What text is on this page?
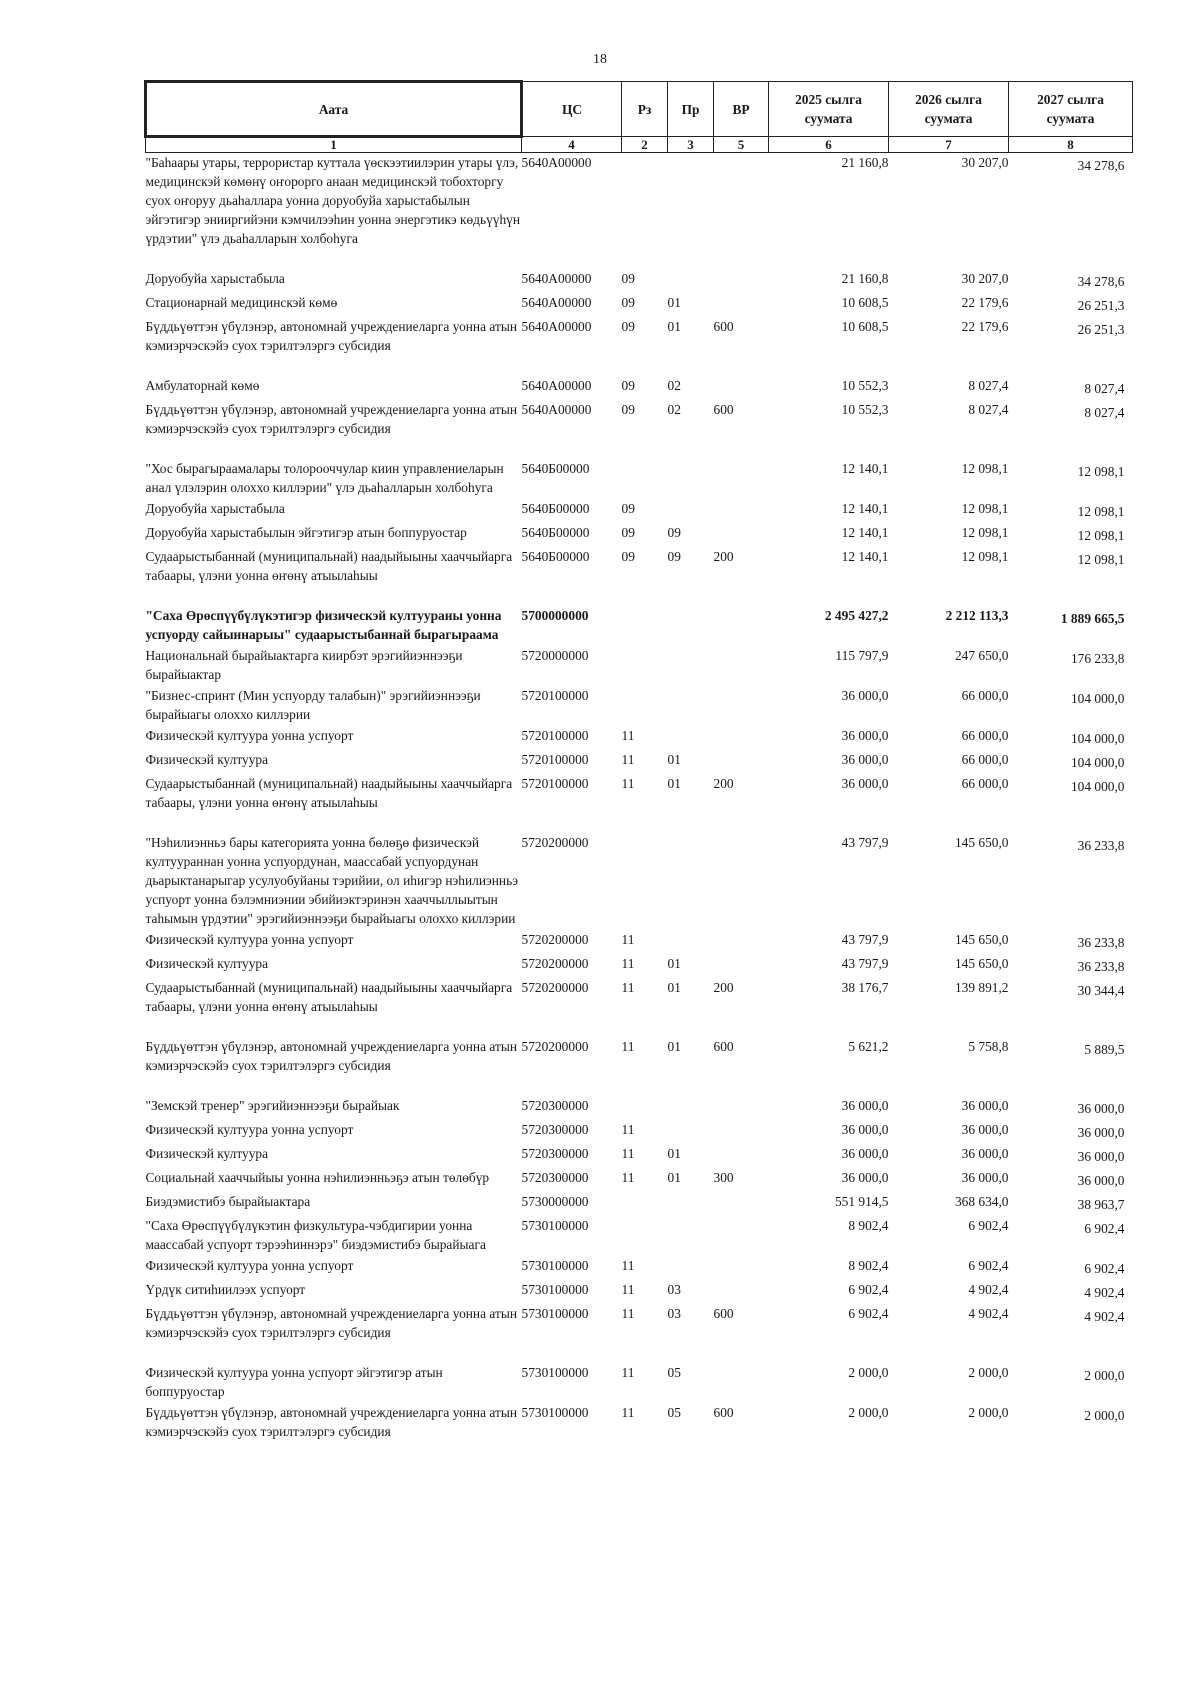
18
Аата	ЦС	Рз	Пр	ВР	2025 сылга суумата	2026 сылга суумата	2027 сылга суумата
1	4	2	3	5	6	7	8
"Баһаары утары, террористар куттала үөскээтиилэрин утары үлэ, медицинскэй көмөнү оҥорорго анаан медицинскэй тобохторгу суох оҥоруу дьаһаллара уонна доруобуйа харыстабылын эйгэтигэр энииргийэни кэмчилээһин уонна энергэтикэ көдьүүһүн үрдэтии" үлэ дьаһалларын холбоһуга	5640А00000				21 160,8	30 207,0	34 278,6
Доруобуйа харыстабыла	5640А00000	09			21 160,8	30 207,0	34 278,6
Стационарнай медицинскэй көмө	5640А00000	09	01		10 608,5	22 179,6	26 251,3
Бүддьүөттэн үбүлэнэр, автономнай учреждениеларга уонна атын кэмиэрчэскэйэ суох тэрилтэлэргэ субсидия	5640А00000	09	01	600	10 608,5	22 179,6	26 251,3
Амбулаторнай көмө	5640А00000	09	02		10 552,3	8 027,4	8 027,4
Бүддьүөттэн үбүлэнэр, автономнай учреждениеларга уонна атын кэмиэрчэскэйэ суох тэрилтэлэргэ субсидия	5640А00000	09	02	600	10 552,3	8 027,4	8 027,4
"Хос бырагыраамалары толорооччулар киин управлениеларын анал үлэлэрин олоххо киллэрии" үлэ дьаһалларын холбоһуга	5640Б00000				12 140,1	12 098,1	12 098,1
Доруобуйа харыстабыла	5640Б00000	09			12 140,1	12 098,1	12 098,1
Доруобуйа харыстабылын эйгэтигэр атын боппуруостар	5640Б00000	09	09		12 140,1	12 098,1	12 098,1
Судаарыстыбаннай (муниципальнай) наадыйыыны хааччыйарга табаары, үлэни уонна өҥөнү атыылаһыы	5640Б00000	09	09	200	12 140,1	12 098,1	12 098,1
"Саха Өрөспүүбүлүкэтигэр физическэй култуураны уонна успуорду сайыннарыы" судаарыстыбаннай бырагыраама	5700000000				2 495 427,2	2 212 113,3	1 889 665,5
Национальнай бырайыактарга киирбэт эрэгийиэннээҕи бырайыактар	5720000000				115 797,9	247 650,0	176 233,8
"Бизнес-спринт (Мин успуорду талабын)" эрэгийиэннээҕи бырайыагы олоххо киллэрии	5720100000				36 000,0	66 000,0	104 000,0
Физическэй култуура уонна успуорт	5720100000	11			36 000,0	66 000,0	104 000,0
Физическэй култуура	5720100000	11	01		36 000,0	66 000,0	104 000,0
Судаарыстыбаннай (муниципальнай) наадыйыыны хааччыйарга табаары, үлэни уонна өҥөнү атыылаһыы	5720100000	11	01	200	36 000,0	66 000,0	104 000,0
"Нэһилиэнньэ бары категорията уонна бөлөҕө физическэй култуураннан уонна успуордунан, маассабай успуордунан дьарыктанарыгар усулуобуйаны тэрийии, ол иһигэр нэһилиэнньэ успуорт уонна бэлэмниэнии эбийиэктэринэн хааччыллыытын таһымын үрдэтии" эрэгийиэннээҕи бырайыагы олоххо киллэрии	5720200000				43 797,9	145 650,0	36 233,8
Физическэй култуура уонна успуорт	5720200000	11			43 797,9	145 650,0	36 233,8
Физическэй култуура	5720200000	11	01		43 797,9	145 650,0	36 233,8
Судаарыстыбаннай (муниципальнай) наадыйыыны хааччыйарга табаары, үлэни уонна өҥөнү атыылаһыы	5720200000	11	01	200	38 176,7	139 891,2	30 344,4
Бүддьүөттэн үбүлэнэр, автономнай учреждениеларга уонна атын кэмиэрчэскэйэ суох тэрилтэлэргэ субсидия	5720200000	11	01	600	5 621,2	5 758,8	5 889,5
"Земскэй тренер" эрэгийиэннээҕи бырайыак	5720300000				36 000,0	36 000,0	36 000,0
Физическэй култуура уонна успуорт	5720300000	11			36 000,0	36 000,0	36 000,0
Физическэй култуура	5720300000	11	01		36 000,0	36 000,0	36 000,0
Социальнай хааччыйыы уонна нэһилиэнньэҕэ атын төлөбүр	5720300000	11	01	300	36 000,0	36 000,0	36 000,0
Биэдэмистибэ бырайыактара	5730000000				551 914,5	368 634,0	38 963,7
"Саха Өрөспүүбүлүкэтин физкультура-чэбдигирии уонна маассабай успуорт тэрээһиннэрэ" биэдэмистибэ бырайыага	5730100000				8 902,4	6 902,4	6 902,4
Физическэй култуура уонна успуорт	5730100000	11			8 902,4	6 902,4	6 902,4
Үрдүк ситиһиилээх успуорт	5730100000	11	03		6 902,4	4 902,4	4 902,4
Бүддьүөттэн үбүлэнэр, автономнай учреждениеларга уонна атын кэмиэрчэскэйэ суох тэрилтэлэргэ субсидия	5730100000	11	03	600	6 902,4	4 902,4	4 902,4
Физическэй култуура уонна успуорт эйгэтигэр атын боппуруостар	5730100000	11	05		2 000,0	2 000,0	2 000,0
Бүддьүөттэн үбүлэнэр, автономнай учреждениеларга уонна атын кэмиэрчэскэйэ суох тэрилтэлэргэ субсидия	5730100000	11	05	600	2 000,0	2 000,0	2 000,0
